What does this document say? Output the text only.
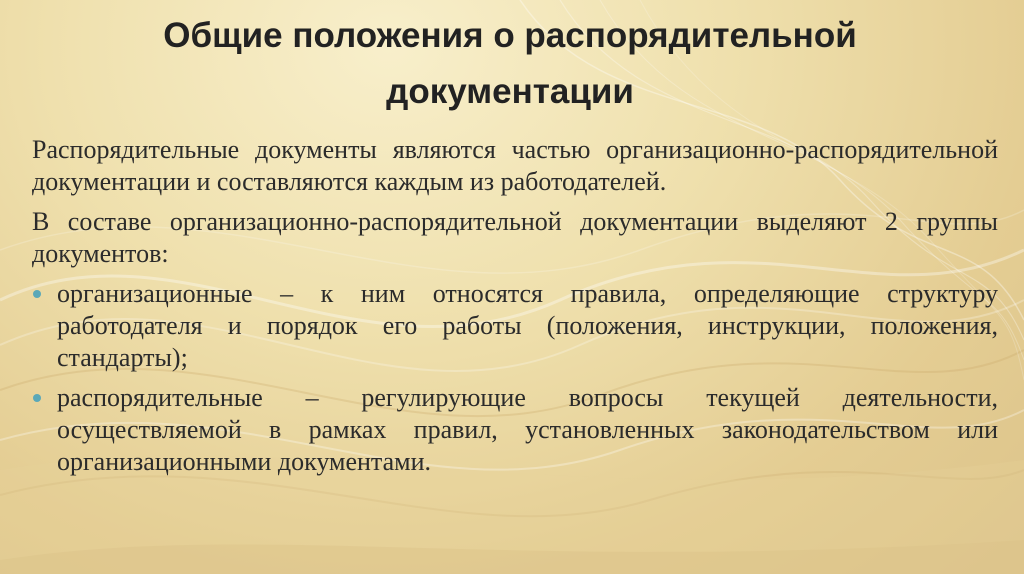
Общие положения о распорядительной документации

Распорядительные документы являются частью организационно-распорядительной документации и составляются каждым из работодателей.

В составе организационно-распорядительной документации выделяют 2 группы документов:

организационные – к ним относятся правила, определяющие структуру работодателя и порядок его работы (положения, инструкции, положения, стандарты);
распорядительные – регулирующие вопросы текущей деятельности, осуществляемой в рамках правил, установленных законодательством или организационными документами.
